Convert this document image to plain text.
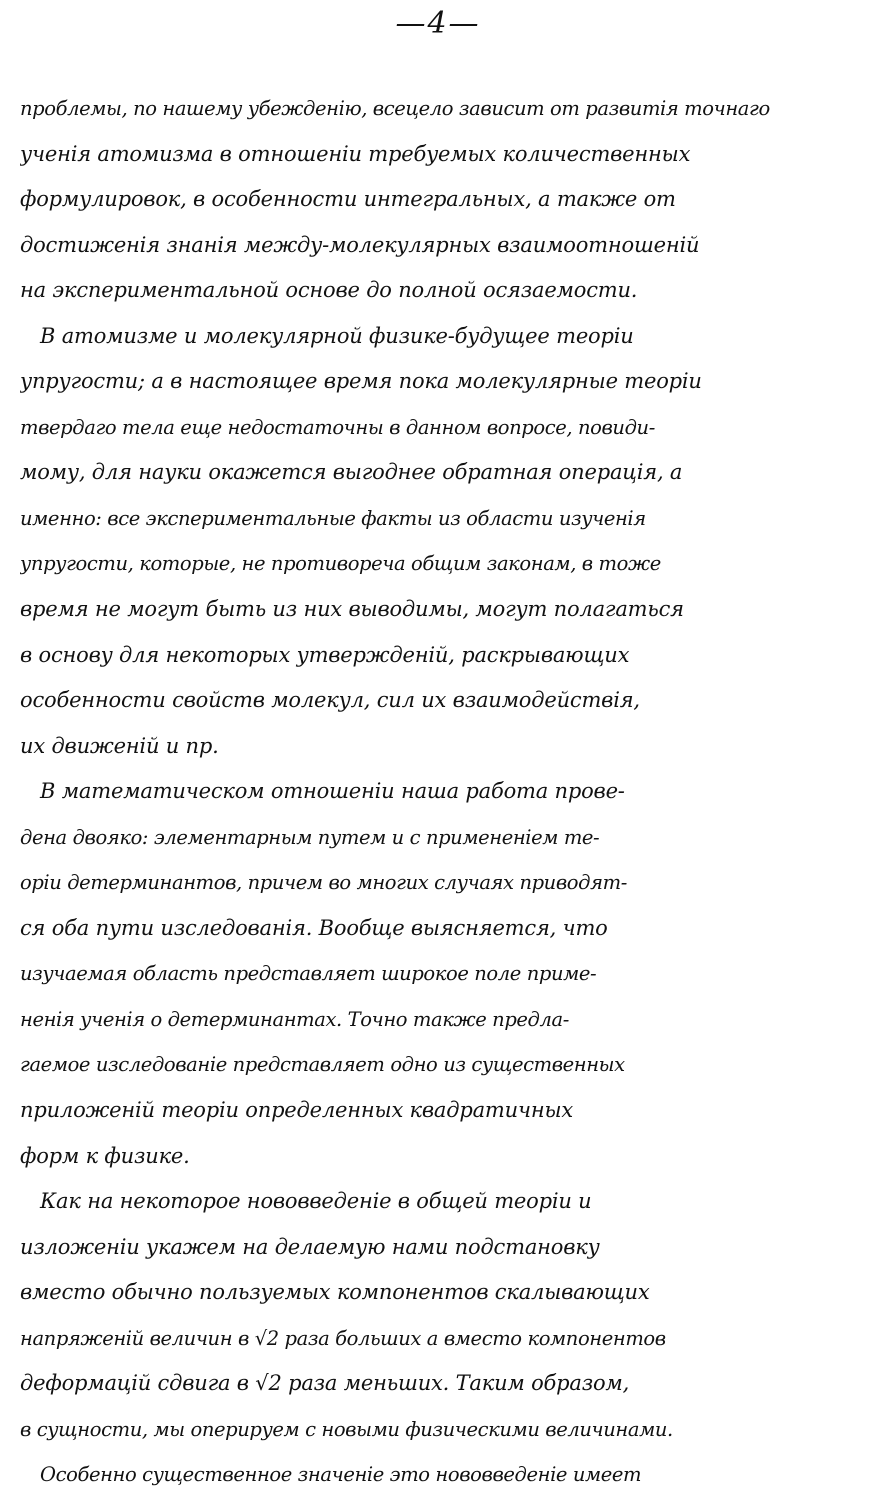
—4—
проблемы, по нашему убежденію, всецело зависит от развитія точнаго
ученія атомизма в отношеніи требуемых количественных
формулировок, в особенности интегральных, а также от
достиженія знанія между-молекулярных взаимоотношеній
на экспериментальной основе до полной осязаемости.
В атомизме и молекулярной физике-будущее теоріи
упругости; а в настоящее время пока молекулярные теоріи
твердаго тела еще недостаточны в данном вопросе, повиди-
мому, для науки окажется выгоднее обратная операція, а
именно: все экспериментальные факты из области изученія
упругости, которые, не противореча общим законам, в тоже
время не могут быть из них выводимы, могут полагаться
в основу для некоторых утвержденій, раскрывающих
особенности свойств молекул, сил их взаимодействія,
их движеній и пр.
В математическом отношеніи наша работа прове-
дена двояко: элементарным путем и с примененіем те-
оріи детерминантов, причем во многих случаях приводят-
ся оба пути изследованія. Вообще выясняется, что
изучаемая область представляет широкое поле приме-
ненія ученія о детерминантах. Точно также предла-
гаемое изследованіе представляет одно из существенных
приложеній теоріи определенных квадратичных
форм к физике.
Как на некоторое нововведеніе в общей теоріи и
изложеніи укажем на делаемую нами подстановку
вместо обычно пользуемых компонентов скалывающих
напряженій величин в √2 раза больших а вместо компонентов
деформацій сдвига в √2 раза меньших. Таким образом,
в сущности, мы оперируем с новыми физическими величинами.
Особенно существенное значеніе это нововведеніе имеет
